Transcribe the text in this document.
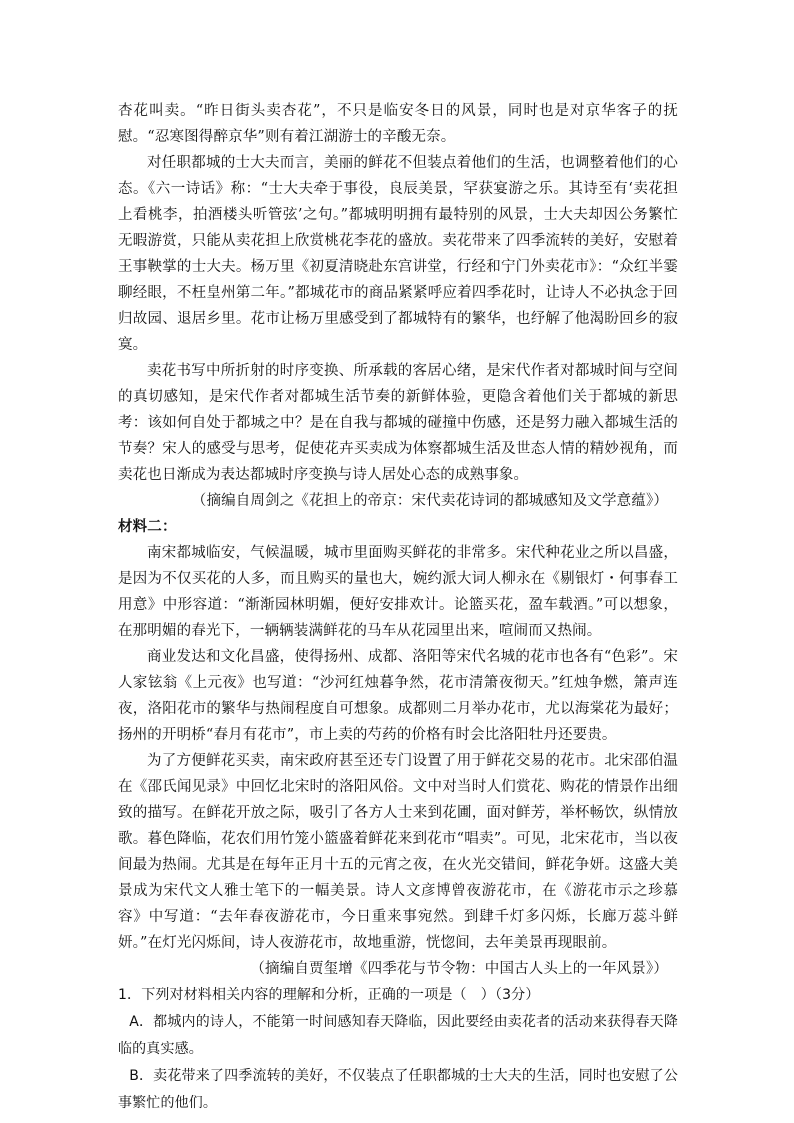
杏花叫卖。“昨日街头卖杏花”，不只是临安冬日的风景，同时也是对京华客子的抚慰。“忍寒图得醉京华”则有着江湖游士的辛酸无奈。

对任职都城的士大夫而言，美丽的鲜花不但装点着他们的生活，也调整着他们的心态。《六一诗话》称：“士大夫牵于事役，良辰美景，罕获宴游之乐。其诗至有‘卖花担上看桃李，拍酒楼头听管弦’之句。”都城明明拥有最特别的风景，士大夫却因公务繁忙无暇游赏，只能从卖花担上欣赏桃花李花的盛放。卖花带来了四季流转的美好，安慰着王事鞅掌的士大夫。杨万里《初夏清晓赴东宫讲堂，行经和宁门外卖花市》：“众红半霎聊经眼，不枉皇州第二年。”都城花市的商品紧紧呼应着四季花时，让诗人不必执念于回归故园、退居乡里。花市让杨万里感受到了都城特有的繁华，也纾解了他渴盼回乡的寂寞。

卖花书写中所折射的时序变换、所承载的客居心绪，是宋代作者对都城时间与空间的真切感知，是宋代作者对都城生活节奏的新鲜体验，更隐含着他们关于都城的新思考：该如何自处于都城之中？是在自我与都城的碰撞中伤感，还是努力融入都城生活的节奏？宋人的感受与思考，促使花卉买卖成为体察都城生活及世态人情的精妙视角，而卖花也日渐成为表达都城时序变换与诗人居处心态的成熟事象。

（摘编自周剑之《花担上的帝京：宋代卖花诗词的都城感知及文学意蕴》）

材料二：

南宋都城临安，气候温暖，城市里面购买鲜花的非常多。宋代种花业之所以昌盛，是因为不仅买花的人多，而且购买的量也大，婉约派大词人柳永在《剔银灯・何事春工用意》中形容道：“渐渐园林明媚，便好安排欢计。论篮买花，盈车载酒。”可以想象，在那明媚的春光下，一辆辆装满鲜花的马车从花园里出来，喧闹而又热闹。

商业发达和文化昌盛，使得扬州、成都、洛阳等宋代名城的花市也各有“色彩”。宋人家铉翁《上元夜》也写道：“沙河红烛暮争然，花市清箫夜彻天。”红烛争燃，箫声连夜，洛阳花市的繁华与热闹程度自可想象。成都则二月举办花市，尤以海棠花为最好；扬州的开明桥“春月有花市”，市上卖的芍药的价格有时会比洛阳牡丹还要贵。

为了方便鲜花买卖，南宋政府甚至还专门设置了用于鲜花交易的花市。北宋邵伯温在《邵氏闻见录》中回忆北宋时的洛阳风俗。文中对当时人们赏花、购花的情景作出细致的描写。在鲜花开放之际，吸引了各方人士来到花圃，面对鲜芳，举杯畅饮，纵情放歌。暮色降临，花农们用竹笼小篮盛着鲜花来到花市“唱卖”。可见，北宋花市，当以夜间最为热闹。尤其是在每年正月十五的元宵之夜，在火光交错间，鲜花争妍。这盛大美景成为宋代文人雅士笔下的一幅美景。诗人文彦博曾夜游花市，在《游花市示之珍慕容》中写道：“去年春夜游花市，今日重来事宛然。到肆千灯多闪烁，长廊万蕊斗鲜妍。”在灯光闪烁间，诗人夜游花市，故地重游，恍惚间，去年美景再现眼前。

（摘编自贾玺增《四季花与节令物：中国古人头上的一年风景》）

1．下列对材料相关内容的理解和分析，正确的一项是（　）（3分）

A．都城内的诗人，不能第一时间感知春天降临，因此要经由卖花者的活动来获得春天降临的真实感。

B．卖花带来了四季流转的美好，不仅装点了任职都城的士大夫的生活，同时也安慰了公事繁忙的他们。
